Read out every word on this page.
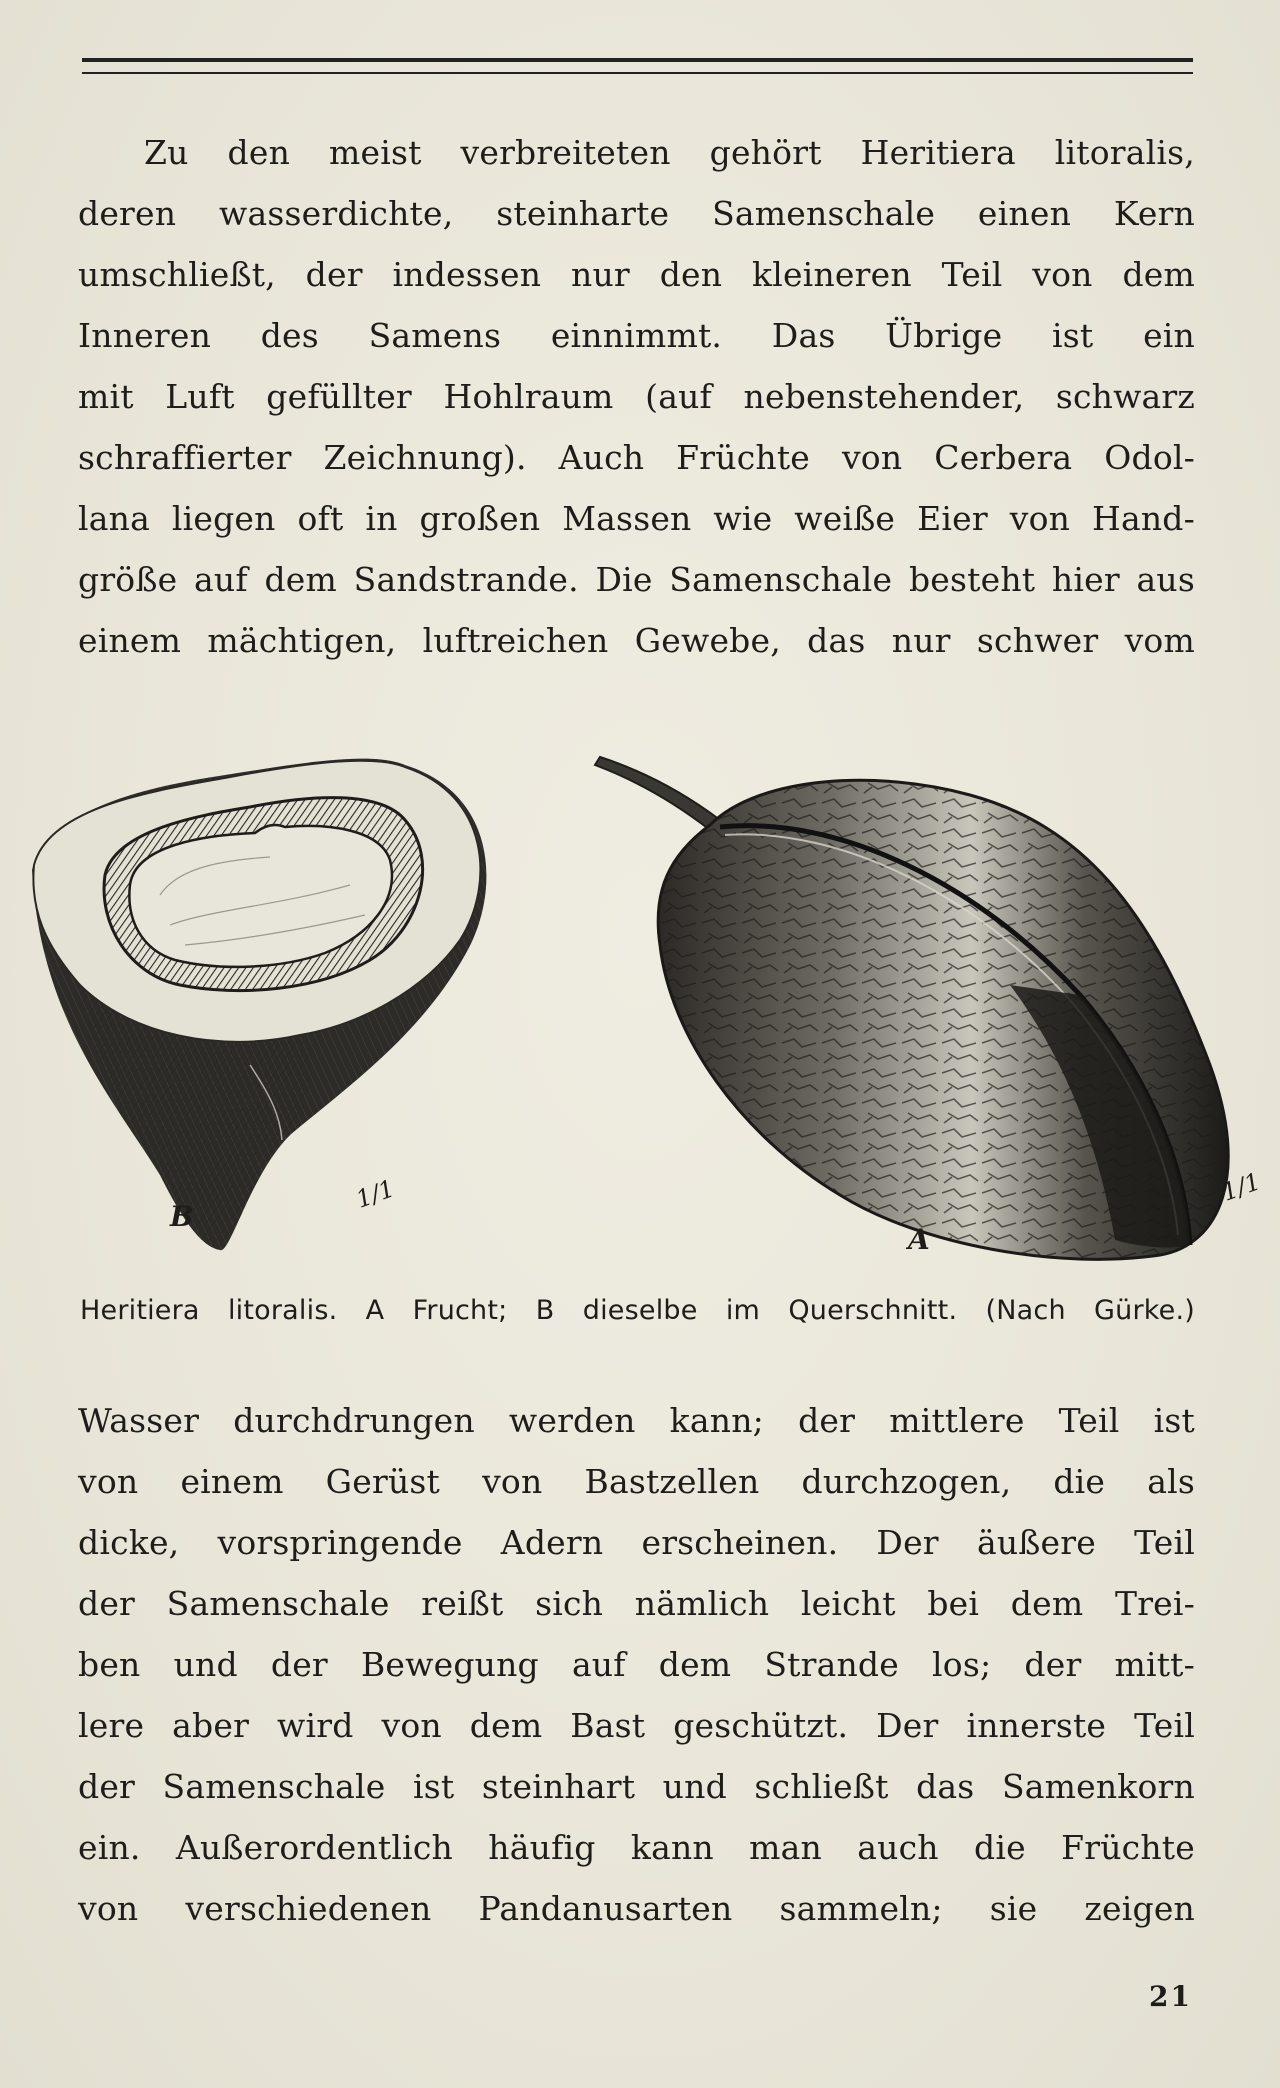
Zu den meist verbreiteten gehört Heritiera litoralis,
deren wasserdichte, steinharte Samenschale einen Kern
umschließt, der indessen nur den kleineren Teil von dem
Inneren des Samens einnimmt. Das Übrige ist ein
mit Luft gefüllter Hohlraum (auf nebenstehender, schwarz
schraffierter Zeichnung). Auch Früchte von Cerbera Odol-
lana liegen oft in großen Massen wie weiße Eier von Hand-
größe auf dem Sandstrande. Die Samenschale besteht hier aus
einem mächtigen, luftreichen Gewebe, das nur schwer vom
B
1/1
A
1/1
Heritiera litoralis. A Frucht; B dieselbe im Querschnitt. (Nach Gürke.)
Wasser durchdrungen werden kann; der mittlere Teil ist
von einem Gerüst von Bastzellen durchzogen, die als
dicke, vorspringende Adern erscheinen. Der äußere Teil
der Samenschale reißt sich nämlich leicht bei dem Trei-
ben und der Bewegung auf dem Strande los; der mitt-
lere aber wird von dem Bast geschützt. Der innerste Teil
der Samenschale ist steinhart und schließt das Samenkorn
ein. Außerordentlich häufig kann man auch die Früchte
von verschiedenen Pandanusarten sammeln; sie zeigen
21
